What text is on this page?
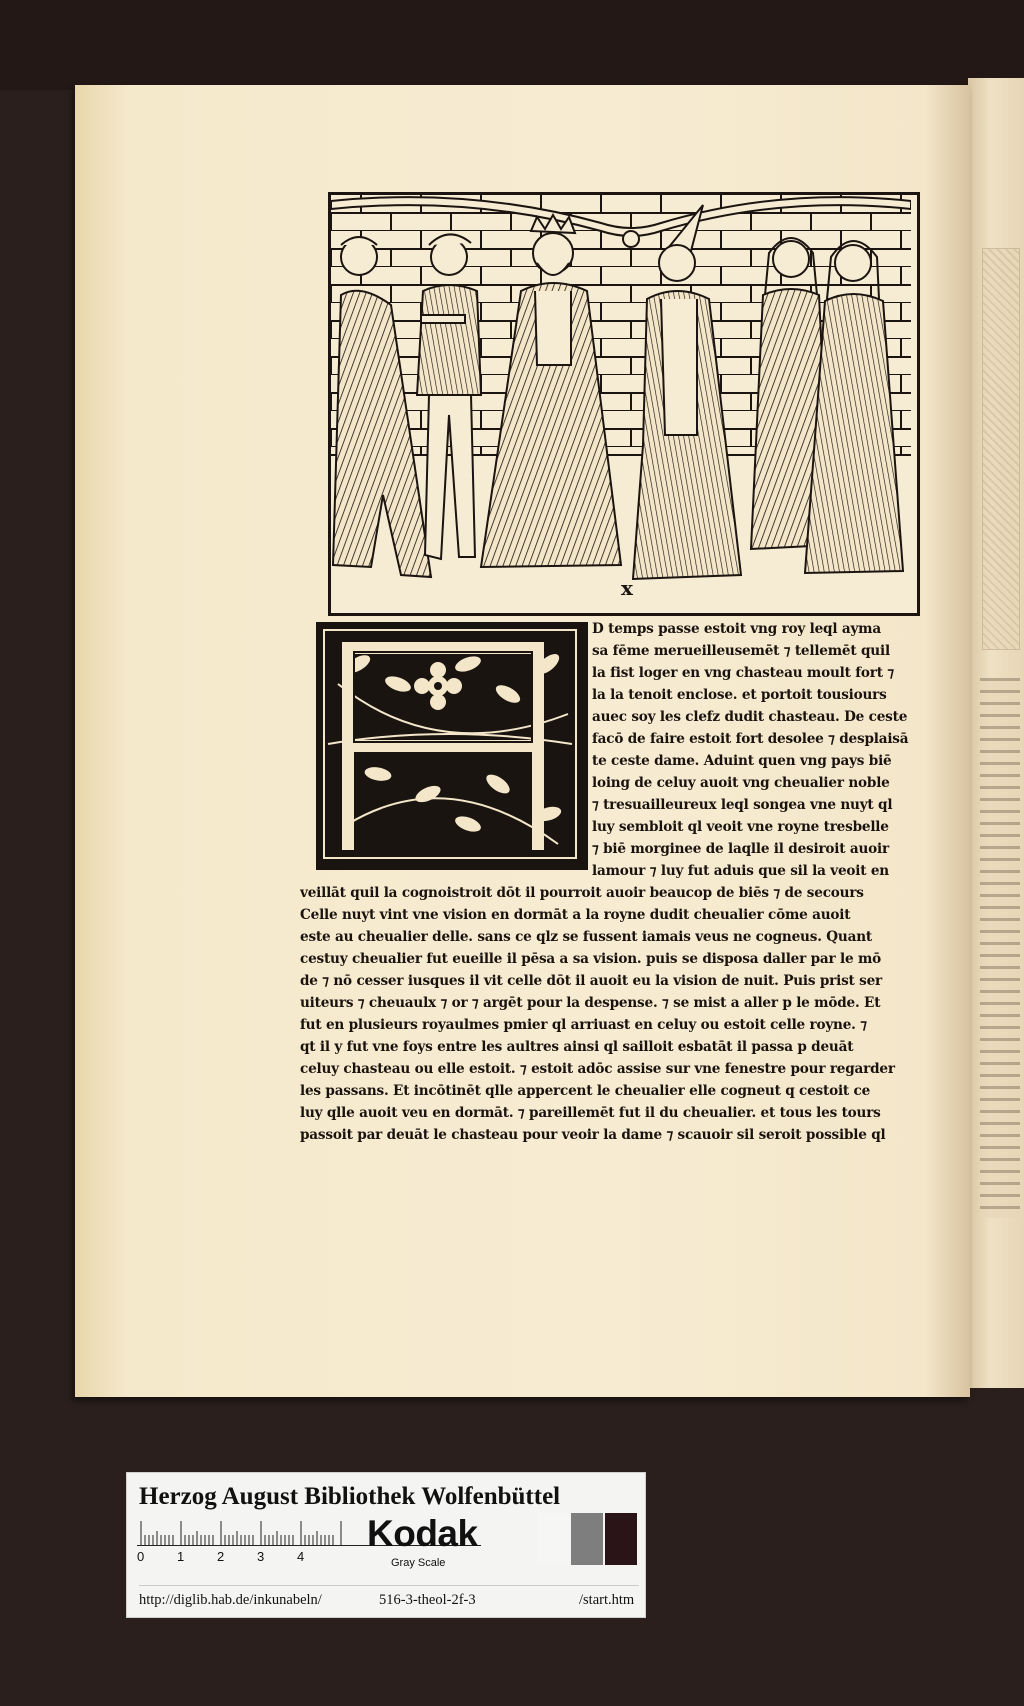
x
D temps passe estoit vng roy leql ayma
sa fēme merueilleusemēt ⁊ tellemēt quil
la fist loger en vng chasteau moult fort ⁊
la la tenoit enclose. et portoit tousiours
auec soy les clefz dudit chasteau. De ceste
facō de faire estoit fort desolee ⁊ desplaisā
te ceste dame. Aduint quen vng pays biē
loing de celuy auoit vng cheualier noble
⁊ tresuailleureux leql songea vne nuyt ql
luy sembloit ql veoit vne royne tresbelle
⁊ biē morginee de laqlle il desiroit auoir
lamour ⁊ luy fut aduis que sil la veoit en
veillāt quil la cognoistroit dōt il pourroit auoir beaucop de biēs ⁊ de secours
Celle nuyt vint vne vision en dormāt a la royne dudit cheualier cōme auoit
este au cheualier delle. sans ce qlz se fussent iamais veus ne cogneus. Quant
cestuy cheualier fut eueille il pēsa a sa vision. puis se disposa daller par le mō
de ⁊ nō cesser iusques il vit celle dōt il auoit eu la vision de nuit. Puis prist ser
uiteurs ⁊ cheuaulx ⁊ or ⁊ argēt pour la despense. ⁊ se mist a aller p le mōde. Et
fut en plusieurs royaulmes pmier ql arriuast en celuy ou estoit celle royne. ⁊
qt il y fut vne foys entre les aultres ainsi ql sailloit esbatāt il passa p deuāt
celuy chasteau ou elle estoit. ⁊ estoit adōc assise sur vne fenestre pour regarder
les passans. Et incōtinēt qlle appercent le cheualier elle cogneut q cestoit ce
luy qlle auoit veu en dormāt. ⁊ pareillemēt fut il du cheualier. et tous les tours
passoit par deuāt le chasteau pour veoir la dame ⁊ scauoir sil seroit possible ql
Herzog August Bibliothek Wolfenbüttel
0	1	2	3	4
Kodak
Gray Scale
http://diglib.hab.de/inkunabeln/	516-3-theol-2f-3	/start.htm
